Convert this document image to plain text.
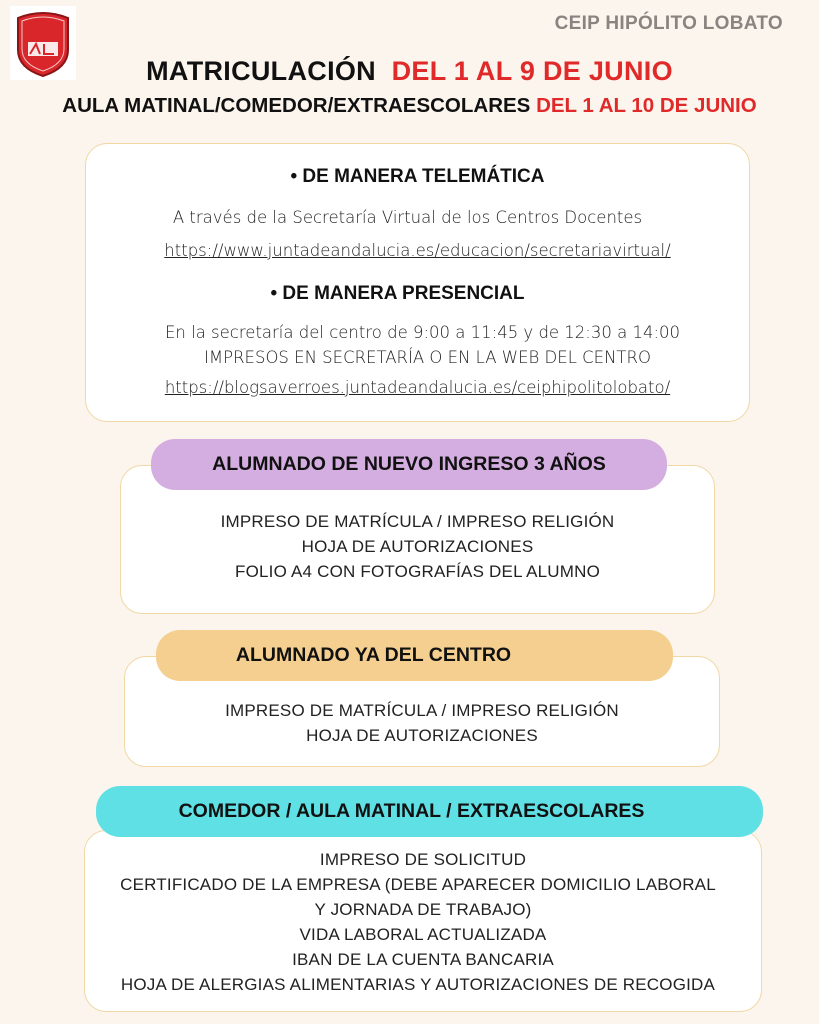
CEIP HIPÓLITO LOBATO
MATRICULACIÓN DEL 1 AL 9 DE JUNIO
AULA MATINAL/COMEDOR/EXTRAESCOLARES DEL 1 AL 10 DE JUNIO
• DE MANERA TELEMÁTICA
A través de la Secretaría Virtual de los Centros Docentes
https://www.juntadeandalucia.es/educacion/secretariavirtual/
• DE MANERA PRESENCIAL
En la secretaría del centro de 9:00 a 11:45 y de 12:30 a 14:00
IMPRESOS EN SECRETARÍA O EN LA WEB DEL CENTRO
https://blogsaverroes.juntadeandalucia.es/ceiphipolitolobato/
IMPRESO DE MATRÍCULA / IMPRESO RELIGIÓN
HOJA DE AUTORIZACIONES
FOLIO A4 CON FOTOGRAFÍAS DEL ALUMNO
ALUMNADO DE NUEVO INGRESO 3 AÑOS
IMPRESO DE MATRÍCULA / IMPRESO RELIGIÓN
HOJA DE AUTORIZACIONES
ALUMNADO YA DEL CENTRO
IMPRESO DE SOLICITUD
CERTIFICADO DE LA EMPRESA (DEBE APARECER DOMICILIO LABORAL
Y JORNADA DE TRABAJO)
VIDA LABORAL ACTUALIZADA
IBAN DE LA CUENTA BANCARIA
HOJA DE ALERGIAS ALIMENTARIAS Y AUTORIZACIONES DE RECOGIDA
COMEDOR / AULA MATINAL / EXTRAESCOLARES
